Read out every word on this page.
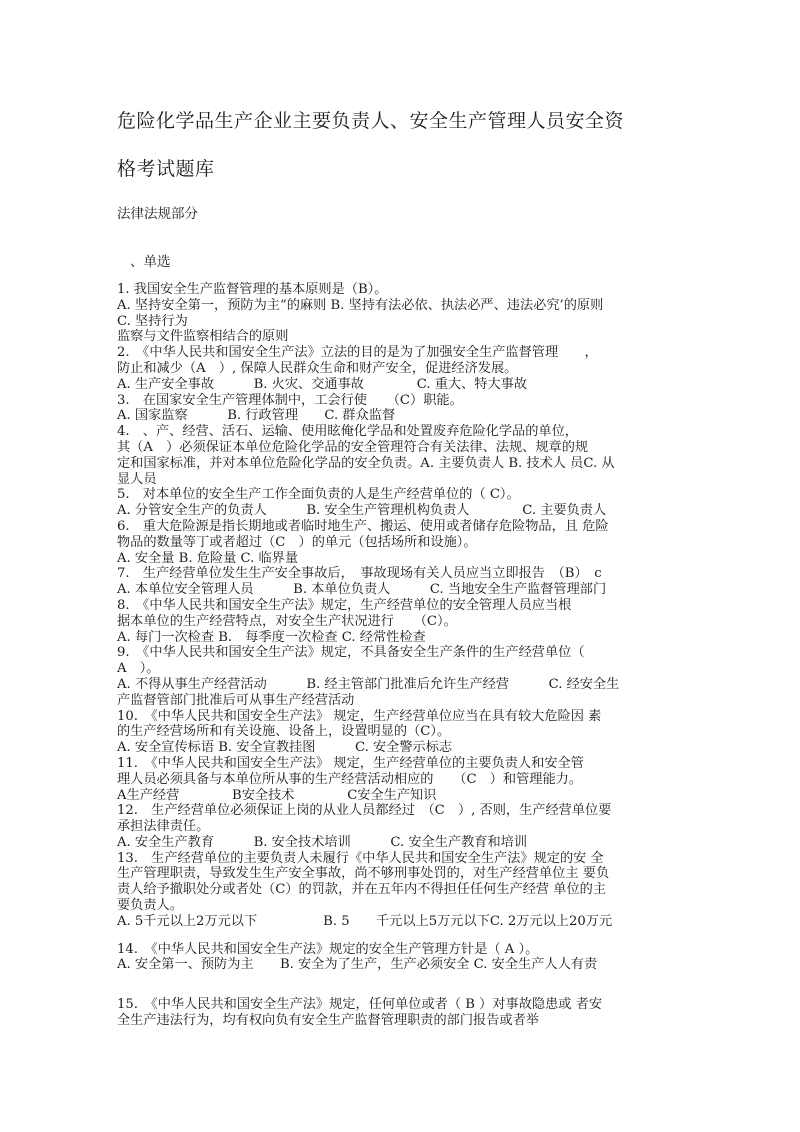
危险化学品生产企业主要负责人、安全生产管理人员安全资
格考试题库
法律法规部分
、单选
1. 我国安全生产监督管理的基本原则是（B）。
A. 坚持安全第一，预防为主”的麻则 B. 坚持有法必依、执法必严、违法必究’的原则
C. 坚持行为
监察与文件监察相结合的原则
2.　《中华人民共和国安全生产法》立法的目的是为了加强安全生产监督管理　　，
防止和减少（A　）, 保障人民群众生命和财产安全，促进经济发展。
A. 生产安全事故　　　B. 火灾、交通事故　　　　C. 重大、特大事故
3.　在国家安全生产管理体制中，工会行使　　（C）职能。
A. 国家监察　　　B. 行政管理　　C. 群众监督
4.　、产、经营、活石、运输、使用眩俺化学品和处置废弃危险化学品的单位，
其（A　）必须保证本单位危险化学品的安全管理符合有关法律、法规、规章的规
定和国家标准，并对本单位危险化学品的安全负责。A. 主要负责人 B. 技术人 员C. 从
显人员
5.　对本单位的安全生产工作全面负责的人是生产经营单位的（ C）。
A. 分管安全生产的负责人　　　B. 安全生产管理机构负责人　　　　C. 主要负责人
6.　重大危险源是指长期地或者临时地生产、搬运、使用或者储存危险物品，且 危险
物品的数量等丁或者超过（C　）的单元（包括场所和设施）。
A. 安全量 B. 危险量 C. 临界量
7.　生产经营单位发生生产安全事故后，　事故现场有关人员应当立即报告　（B）　c
A. 本单位安全管理人员　　　B. 本单位负责人　　　C. 当地安全生产监督管理部门
8.　《中华人民共和国安全生产法》规定，生产经营单位的安全管理人员应当根
据本单位的生产经营特点，对安全生产状况进行　　（C）。
A. 每门一次检查 B.　每季度一次检查 C. 经常性检查
9.　《中华人民共和国安全生产法》规定，不具备安全生产条件的生产经营单位（
A　）。
A. 不得从事生产经营活动　　　B. 经主管部门批准后允许生产经营　　　C. 经安全生
产监督管部门批准后可从事生产经营活动
10.　《中华人民共和国安全生产法》 规定，生产经营单位应当在具有较大危险因 素
的生产经营场所和有关设施、设备上，设置明显的（C）。
A. 安全宣传标语 B. 安全宣教挂图　　　C. 安全警示标志
11.　《中华人民共和国安全生产法》 规定，生产经营单位的主要负责人和安全管
理人员必须具备与本单位所从事的生产经营活动相应的　　（C　）和管理能力。
A生产经营　　　　B安全技术　　　　C安全生产知识
12.　生产经营单位必须保证上岗的从业人员都经过　（C　）, 否则，生产经营单位要
承担法律责任。
A. 安全生产教育　　　B. 安全技术培训　　　C. 安全生产教育和培训
13.　生产经营单位的主要负责人未履行《中华人民共和国安全生产法》规定的安 全
生产管理职责，导致发生生产安全事故，尚不够刑事处罚的，对生产经营单位主 要负
责人给予撤职处分或者处（C）的罚款，并在五年内不得担任任何生产经营 单位的主
要负责人。
A. 5千元以上2万元以下　　　　　B. 5　　千元以上5万元以下C. 2万元以上20万元
14.　《中华人民共和国安全生产法》规定的安全生产管理方针是（ A ）。
A. 安全第一、预防为主　　B. 安全为了生产，生产必须安全 C. 安全生产人人有责
15.　《中华人民共和国安全生产法》规定，任何单位或者（ B ）对事故隐患或 者安
全生产违法行为，均有权向负有安全生产监督管理职责的部门报告或者举
